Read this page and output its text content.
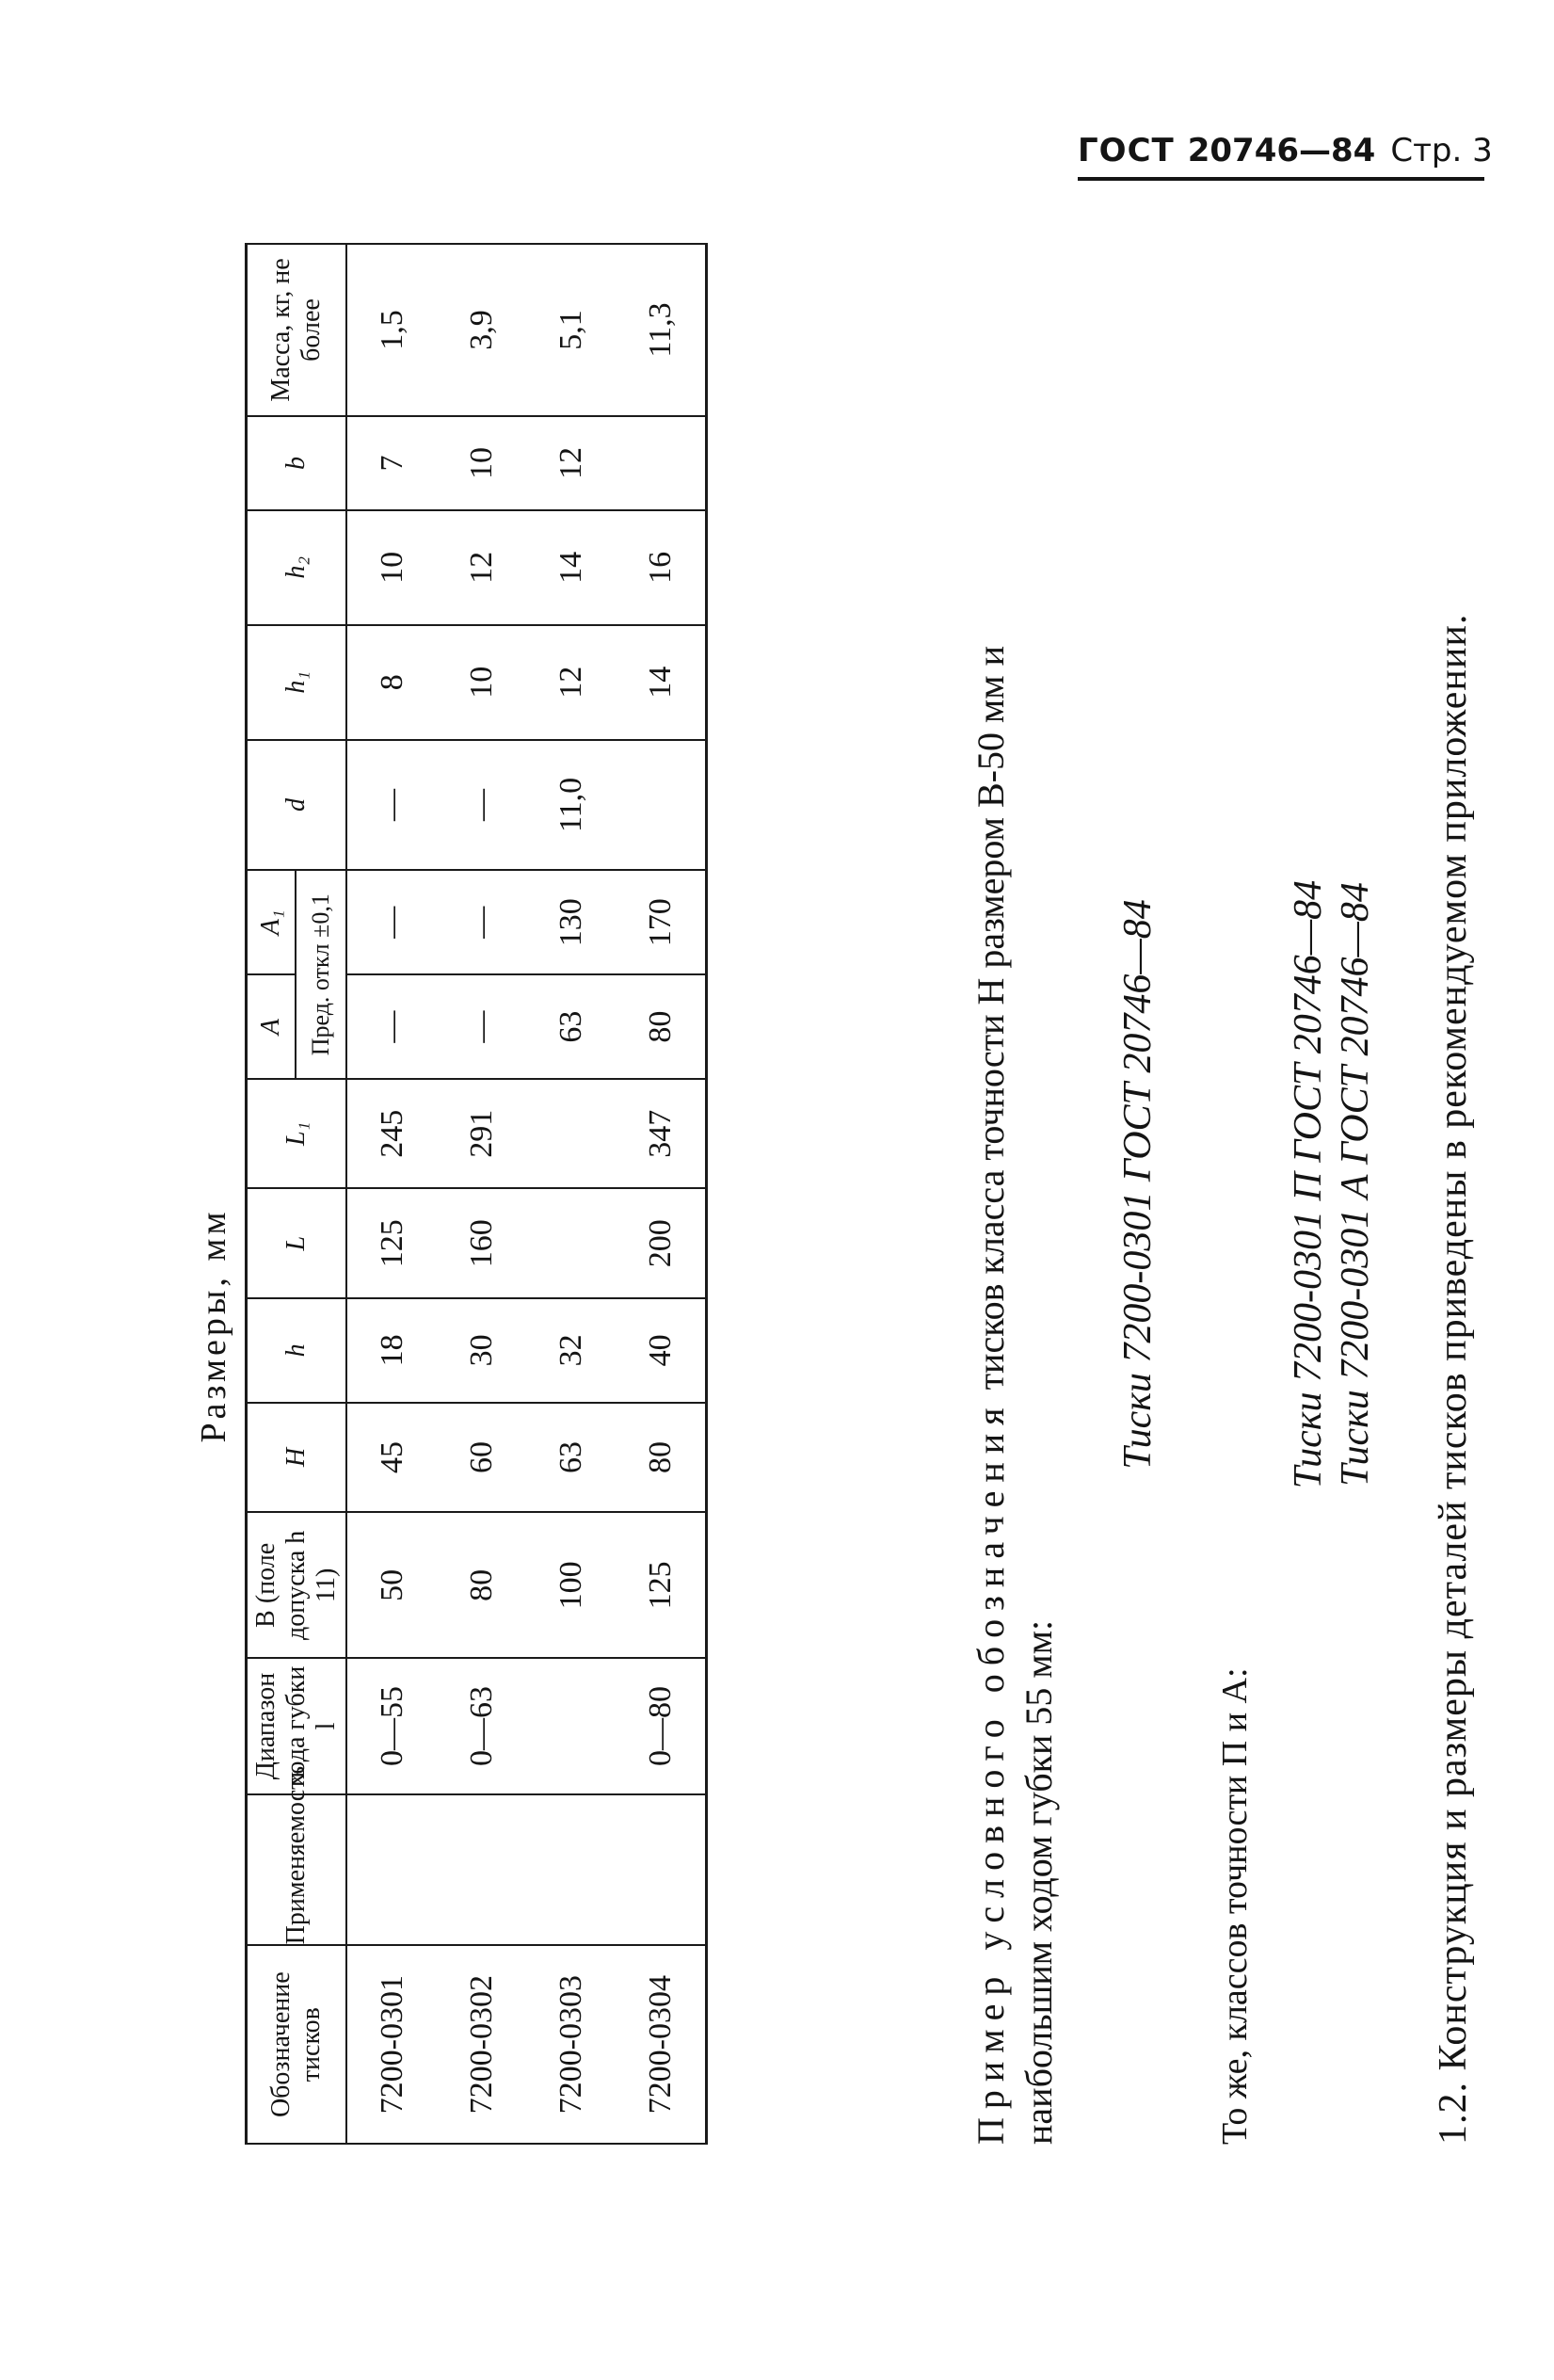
ГОСТ 20746—84 Стр. 3
Размеры, мм
Обозначение тисков	Применяемость	Диапазон хода губки l	B (поле допуска h 11)	H	h	L	L₁	A	A₁	d	h₁	h₂	b	Масса, кг, не более
								Пред. откл ±0,1						
7200-0301		0—55	50	45	18	125	245	—	—	—	8	10	7	1,5
7200-0302		0—63	80	60	30	160	291	—	—	—	10	12	10	3,9
7200-0303			100	63	32			63	130	11,0	12	14	12	5,1
7200-0304		0—80	125	80	40	200	347	80	170		14	16		11,3
Пример условного обозначения тисков класса точности Н размером B-50 мм и
наибольшим ходом губки 55 мм:
Тиски 7200-0301 ГОСТ 20746—84
То же, классов точности П и А:
Тиски 7200-0301 П ГОСТ 20746—84 Тиски 7200-0301 А ГОСТ 20746—84 1.2. Конструкция и размеры деталей тисков приведены в рекомендуемом приложении.
